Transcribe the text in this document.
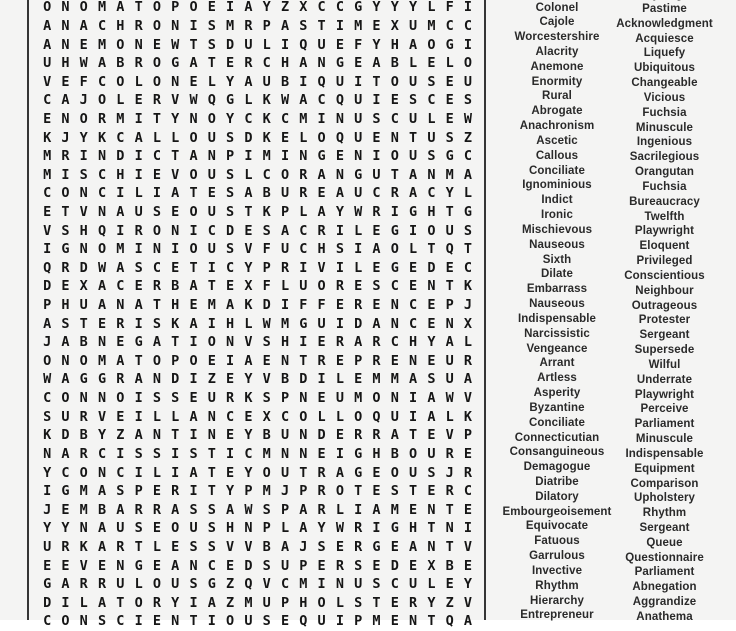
O N O M A T O P O E I A Y Z X C C G Y Y Y L F I
A N A C H R O N I S M R P A S T I M E X U M C C
A N E M O N E W T S D U L I Q U E F Y H A O G I
U H W A B R O G A T E R C H A N G E A B L E L O
V E F C O L O N E L Y A U B I Q U I T O U S E U
C A J O L E R V W Q G L K W A C Q U I E S C E S
E N O R M I T Y N O Y C K C M I N U S C U L E W
K J Y K C A L L O U S D K E L O Q U E N T U S Z
M R I N D I C T A N P I M I N G E N I O U S G C
M I S C H I E V O U S L C O R A N G U T A N M A
C O N C I L I A T E S A B U R E A U C R A C Y L
E T V N A U S E O U S T K P L A Y W R I G H T G
V S H Q I R O N I C D E S A C R I L E G I O U S
I G N O M I N I O U S V F U C H S I A O L T Q T
Q R D W A S C E T I C Y P R I V I L E G E D E C
D E X A C E R B A T E X F L U O R E S C E N T K
P H U A N A T H E M A K D I F F E R E N C E P J
A S T E R I S K A I H L W M G U I D A N C E N X
J A B N E G A T I O N V S H I E R A R C H Y A L
O N O M A T O P O E I A E N T R E P R E N E U R
W A G G R A N D I Z E Y V B D I L E M M A S U A
C O N N O I S S E U R K S P N E U M O N I A W V
S U R V E I L L A N C E X C O L L O Q U I A L K
K D B Y Z A N T I N E Y B U N D E R R A T E V P
N A R C I S S I S T I C M N N E I G H B O U R E
Y C O N C I L I A T E Y O U T R A G E O U S J R
I G M A S P E R I T Y P M J P R O T E S T E R C
J E M B A R R A S S A W S P A R L I A M E N T E
Y Y N A U S E O U S H N P L A Y W R I G H T N I
U R K A R T L E S S V V B A J S E R G E A N T V
E E V E N G E A N C E D S U P E R S E D E X B E
G A R R U L O U S G Z Q V C M I N U S C U L E Y
D I L A T O R Y I A Z M U P H O L S T E R Y Z V
C O N S C I E N T I O U S E Q U I P M E N T Q A
Colonel
Cajole
Worcestershire
Alacrity
Anemone
Enormity
Rural
Abrogate
Anachronism
Ascetic
Callous
Conciliate
Ignominious
Indict
Ironic
Mischievous
Nauseous
Sixth
Dilate
Embarrass
Nauseous
Indispensable
Narcissistic
Vengeance
Arrant
Artless
Asperity
Byzantine
Conciliate
Connecticutian
Consanguineous
Demagogue
Diatribe
Dilatory
Embourgeoisement
Equivocate
Fatuous
Garrulous
Invective
Rhythm
Hierarchy
Entrepreneur
Pastime
Acknowledgment
Acquiesce
Liquefy
Ubiquitous
Changeable
Vicious
Fuchsia
Minuscule
Ingenious
Sacrilegious
Orangutan
Fuchsia
Bureaucracy
Twelfth
Playwright
Eloquent
Privileged
Conscientious
Neighbour
Outrageous
Protester
Sergeant
Supersede
Wilful
Underrate
Playwright
Perceive
Parliament
Minuscule
Indispensable
Equipment
Comparison
Upholstery
Rhythm
Sergeant
Queue
Questionnaire
Parliament
Abnegation
Aggrandize
Anathema
